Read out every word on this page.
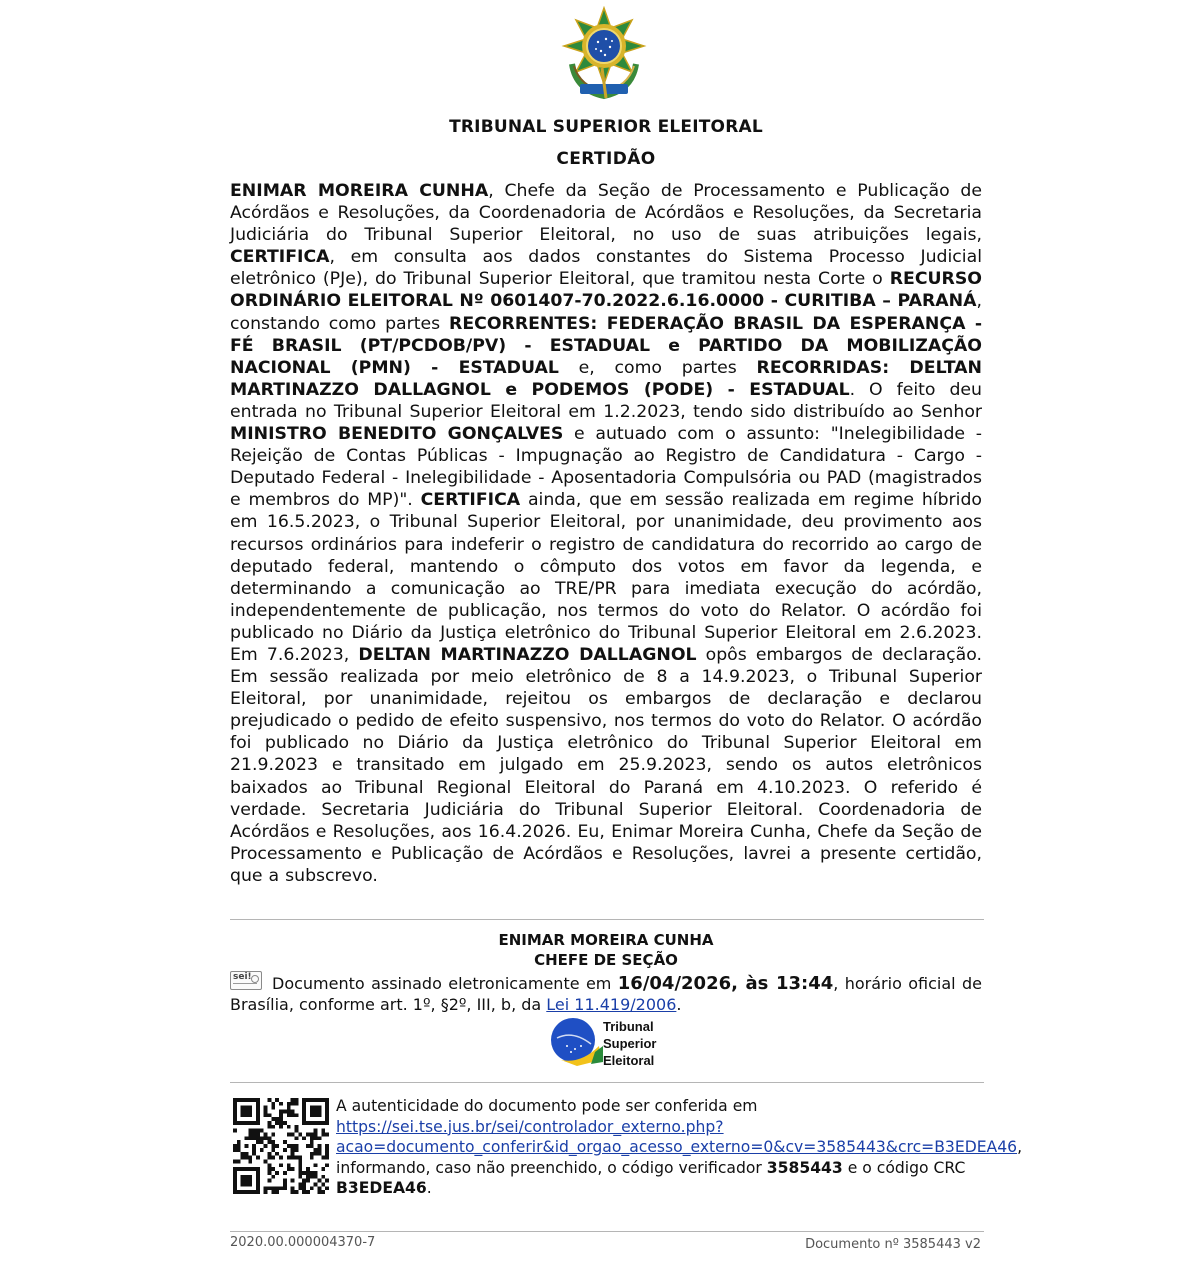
TRIBUNAL SUPERIOR ELEITORAL
CERTIDÃO
ENIMAR MOREIRA CUNHA, Chefe da Seção de Processamento e Publicação de Acórdãos e Resoluções, da Coordenadoria de Acórdãos e Resoluções, da Secretaria Judiciária do Tribunal Superior Eleitoral, no uso de suas atribuições legais, CERTIFICA, em consulta aos dados constantes do Sistema Processo Judicial eletrônico (PJe), do Tribunal Superior Eleitoral, que tramitou nesta Corte o RECURSO ORDINÁRIO ELEITORAL Nº 0601407-70.2022.6.16.0000 - CURITIBA – PARANÁ, constando como partes RECORRENTES: FEDERAÇÃO BRASIL DA ESPERANÇA - FÉ BRASIL (PT/PCDOB/PV) - ESTADUAL e PARTIDO DA MOBILIZAÇÃO NACIONAL (PMN) - ESTADUAL e, como partes RECORRIDAS: DELTAN MARTINAZZO DALLAGNOL e PODEMOS (PODE) - ESTADUAL. O feito deu entrada no Tribunal Superior Eleitoral em 1.2.2023, tendo sido distribuído ao Senhor MINISTRO BENEDITO GONÇALVES e autuado com o assunto: "Inelegibilidade - Rejeição de Contas Públicas - Impugnação ao Registro de Candidatura - Cargo - Deputado Federal - Inelegibilidade - Aposentadoria Compulsória ou PAD (magistrados e membros do MP)". CERTIFICA ainda, que em sessão realizada em regime híbrido em 16.5.2023, o Tribunal Superior Eleitoral, por unanimidade, deu provimento aos recursos ordinários para indeferir o registro de candidatura do recorrido ao cargo de deputado federal, mantendo o cômputo dos votos em favor da legenda, e determinando a comunicação ao TRE/PR para imediata execução do acórdão, independentemente de publicação, nos termos do voto do Relator. O acórdão foi publicado no Diário da Justiça eletrônico do Tribunal Superior Eleitoral em 2.6.2023. Em 7.6.2023, DELTAN MARTINAZZO DALLAGNOL opôs embargos de declaração. Em sessão realizada por meio eletrônico de 8 a 14.9.2023, o Tribunal Superior Eleitoral, por unanimidade, rejeitou os embargos de declaração e declarou prejudicado o pedido de efeito suspensivo, nos termos do voto do Relator. O acórdão foi publicado no Diário da Justiça eletrônico do Tribunal Superior Eleitoral em 21.9.2023 e transitado em julgado em 25.9.2023, sendo os autos eletrônicos baixados ao Tribunal Regional Eleitoral do Paraná em 4.10.2023. O referido é verdade. Secretaria Judiciária do Tribunal Superior Eleitoral. Coordenadoria de Acórdãos e Resoluções, aos 16.4.2026. Eu, Enimar Moreira Cunha, Chefe da Seção de Processamento e Publicação de Acórdãos e Resoluções, lavrei a presente certidão, que a subscrevo.
ENIMAR MOREIRA CUNHA
CHEFE DE SEÇÃO
sei! Documento assinado eletronicamente em 16/04/2026, às 13:44, horário oficial de Brasília, conforme art. 1º, §2º, III, b, da Lei 11.419/2006.
Tribunal
Superior
Eleitoral
A autenticidade do documento pode ser conferida em
https://sei.tse.jus.br/sei/controlador_externo.php?
acao=documento_conferir&id_orgao_acesso_externo=0&cv=3585443&crc=B3EDEA46,
informando, caso não preenchido, o código verificador 3585443 e o código CRC
B3EDEA46.
2020.00.000004370-7	Documento nº 3585443 v2
